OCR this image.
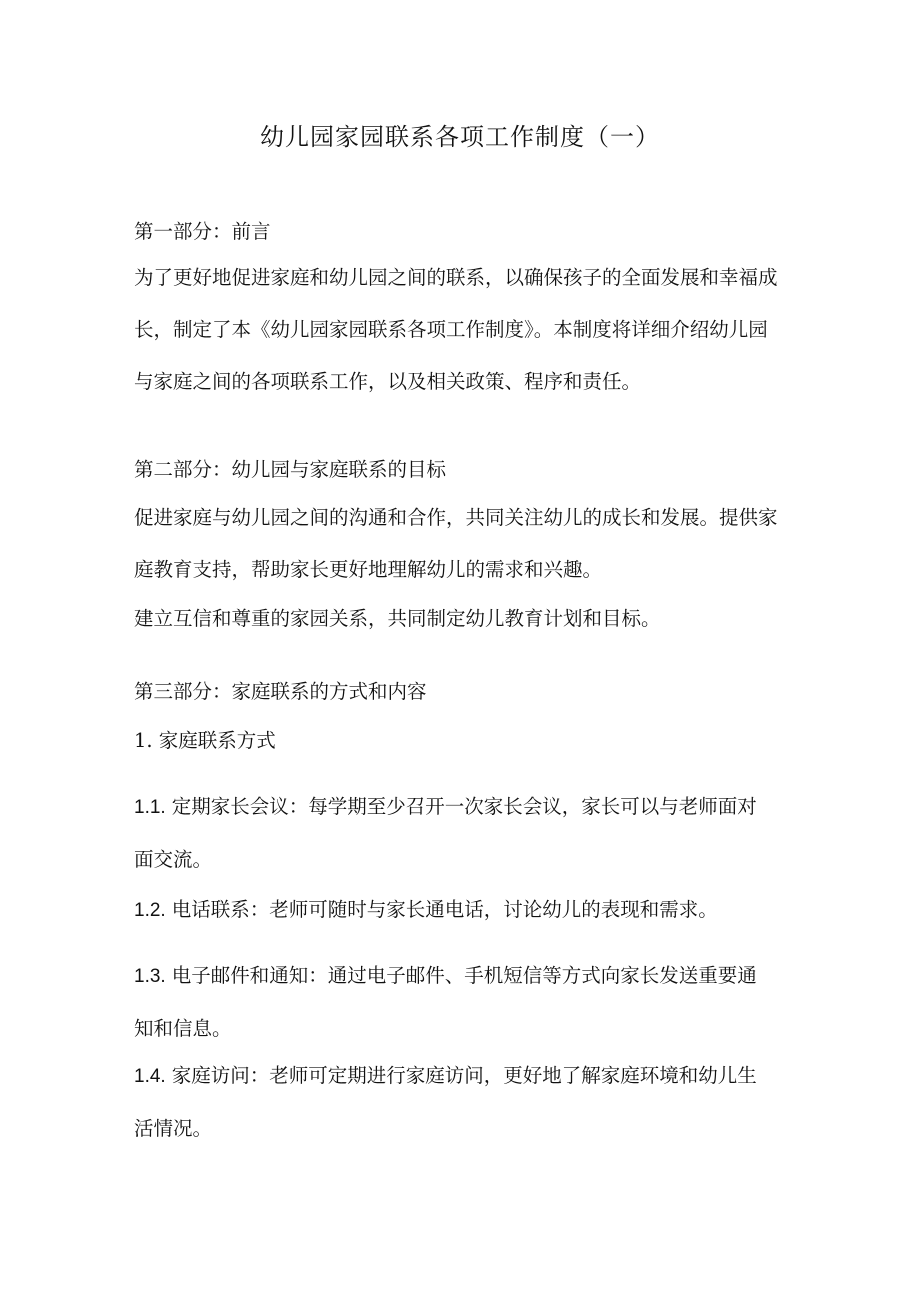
幼儿园家园联系各项工作制度（一）
第一部分：前言
为了更好地促进家庭和幼儿园之间的联系，以确保孩子的全面发展和幸福成
长，制定了本《幼儿园家园联系各项工作制度》。本制度将详细介绍幼儿园
与家庭之间的各项联系工作，以及相关政策、程序和责任。
第二部分：幼儿园与家庭联系的目标
促进家庭与幼儿园之间的沟通和合作，共同关注幼儿的成长和发展。提供家
庭教育支持，帮助家长更好地理解幼儿的需求和兴趣。
建立互信和尊重的家园关系，共同制定幼儿教育计划和目标。
第三部分：家庭联系的方式和内容
1. 家庭联系方式
1.1. 定期家长会议：每学期至少召开一次家长会议，家长可以与老师面对
面交流。
1.2. 电话联系：老师可随时与家长通电话，讨论幼儿的表现和需求。
1.3. 电子邮件和通知：通过电子邮件、手机短信等方式向家长发送重要通
知和信息。
1.4. 家庭访问：老师可定期进行家庭访问，更好地了解家庭环境和幼儿生
活情况。
